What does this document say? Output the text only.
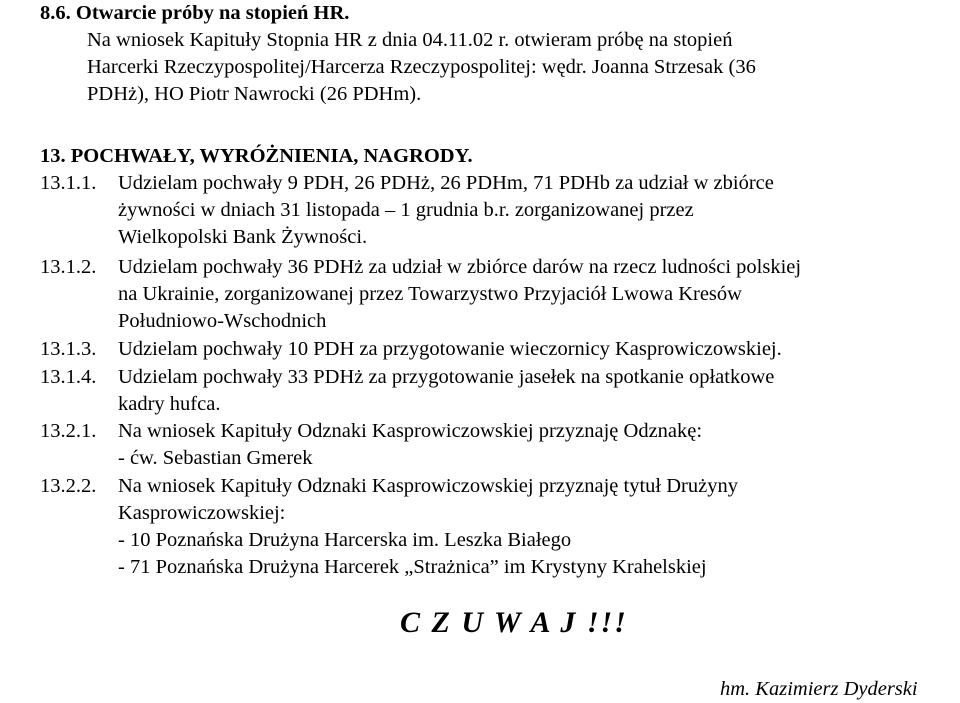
8.6. Otwarcie próby na stopień HR.
Na wniosek Kapituły Stopnia HR z dnia 04.11.02 r. otwieram próbę na stopień
Harcerki Rzeczypospolitej/Harcerza Rzeczypospolitej: wędr. Joanna Strzesak (36
PDHż), HO Piotr Nawrocki (26 PDHm).
13. POCHWAŁY, WYRÓŻNIENIA, NAGRODY.
13.1.1. Udzielam pochwały 9 PDH, 26 PDHż, 26 PDHm, 71 PDHb za udział w zbiórce
żywności w dniach 31 listopada – 1 grudnia b.r. zorganizowanej przez
Wielkopolski Bank Żywności.
13.1.2. Udzielam pochwały 36 PDHż za udział w zbiórce darów na rzecz ludności polskiej
na Ukrainie, zorganizowanej przez Towarzystwo Przyjaciół Lwowa Kresów
Południowo-Wschodnich
13.1.3. Udzielam pochwały 10 PDH za przygotowanie wieczornicy Kasprowiczowskiej.
13.1.4. Udzielam pochwały 33 PDHż za przygotowanie jasełek na spotkanie opłatkowe
kadry hufca.
13.2.1. Na wniosek Kapituły Odznaki Kasprowiczowskiej przyznaję Odznakę:
- ćw. Sebastian Gmerek
13.2.2. Na wniosek Kapituły Odznaki Kasprowiczowskiej przyznaję tytuł Drużyny
Kasprowiczowskiej:
- 10 Poznańska Drużyna Harcerska im. Leszka Białego
- 71 Poznańska Drużyna Harcerek „Strażnica” im Krystyny Krahelskiej
C Z U W A J !!!
hm. Kazimierz Dyderski
